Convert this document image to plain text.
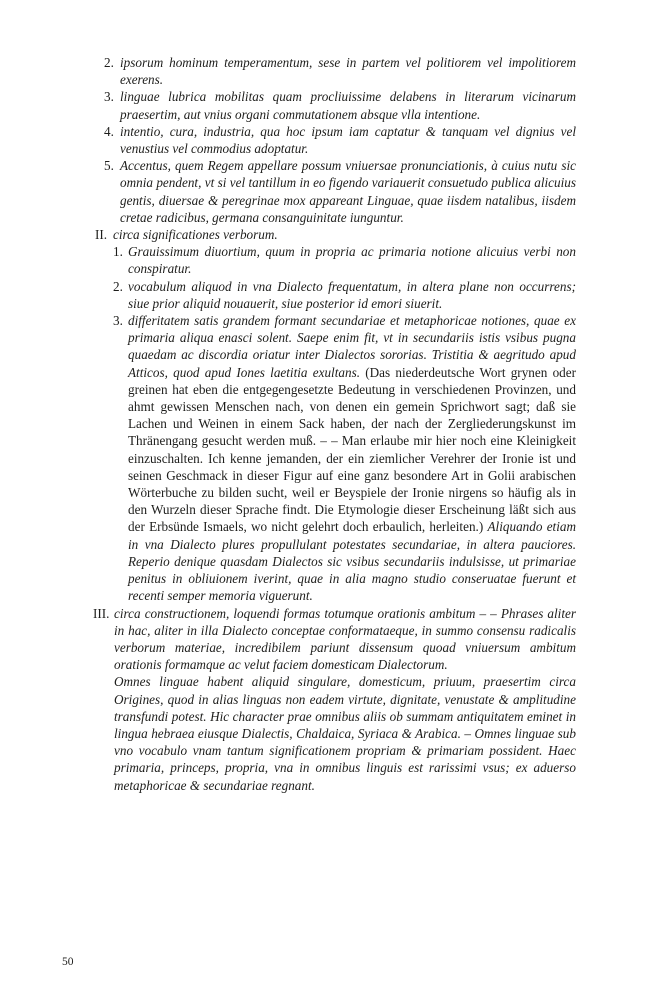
2. ipsorum hominum temperamentum, sese in partem vel politiorem vel impolitiorem exerens.
3. linguae lubrica mobilitas quam procliuissime delabens in literarum vicinarum praesertim, aut vnius organi commutationem absque vlla intentione.
4. intentio, cura, industria, qua hoc ipsum iam captatur & tanquam vel dignius vel venustius vel commodius adoptatur.
5. Accentus, quem Regem appellare possum vniuersae pronunciationis, à cuius nutu sic omnia pendent, vt si vel tantillum in eo figendo variauerit consuetudo publica alicuius gentis, diuersae & peregrinae mox appareant Linguae, quae iisdem natalibus, iisdem cretae radicibus, germana consanguinitate iunguntur.
II. circa significationes verborum.
1. Grauissimum diuortium, quum in propria ac primaria notione alicuius verbi non conspiratur.
2. vocabulum aliquod in vna Dialecto frequentatum, in altera plane non occurrens; siue prior aliquid nouauerit, siue posterior id emori siuerit.
3. differitatem satis grandem formant secundariae et metaphoricae notiones, quae ex primaria aliqua enasci solent. Saepe enim fit, vt in secundariis istis vsibus pugna quaedam ac discordia oriatur inter Dialectos sororias. Tristitia & aegritudo apud Atticos, quod apud Iones laetitia exultans. (Das niederdeutsche Wort grynen oder greinen hat eben die entgegengesetzte Bedeutung in verschiedenen Provinzen, und ahmt gewissen Menschen nach, von denen ein gemein Sprichwort sagt; daß sie Lachen und Weinen in einem Sack haben, der nach der Zergliederungskunst im Thränengang gesucht werden muß. – – Man erlaube mir hier noch eine Kleinigkeit einzuschalten. Ich kenne jemanden, der ein ziemlicher Verehrer der Ironie ist und seinen Geschmack in dieser Figur auf eine ganz besondere Art in Golii arabischen Wörterbuche zu bilden sucht, weil er Beyspiele der Ironie nirgens so häufig als in den Wurzeln dieser Sprache findt. Die Etymologie dieser Erscheinung läßt sich aus der Erbsünde Ismaels, wo nicht gelehrt doch erbaulich, herleiten.) Aliquando etiam in vna Dialecto plures propullulant potestates secundariae, in altera pauciores. Reperio denique quasdam Dialectos sic vsibus secundariis indulsisse, ut primariae penitus in obliuionem iverint, quae in alia magno studio conseruatae fuerunt et recenti semper memoria viguerunt.
III. circa constructionem, loquendi formas totumque orationis ambitum – – Phrases aliter in hac, aliter in illa Dialecto conceptae conformataeque, in summo consensu radicalis verborum materiae, incredibilem pariunt dissensum quoad vniuersum ambitum orationis formamque ac velut faciem domesticam Dialectorum.
Omnes linguae habent aliquid singulare, domesticum, priuum, praesertim circa Origines, quod in alias linguas non eadem virtute, dignitate, venustate & amplitudine transfundi potest. Hic character prae omnibus aliis ob summam antiquitatem eminet in lingua hebraea eiusque Dialectis, Chaldaica, Syriaca & Arabica. – Omnes linguae sub vno vocabulo vnam tantum significationem propriam & primariam possident. Haec primaria, princeps, propria, vna in omnibus linguis est rarissimi vsus; ex aduerso metaphoricae & secundariae regnant.
50
